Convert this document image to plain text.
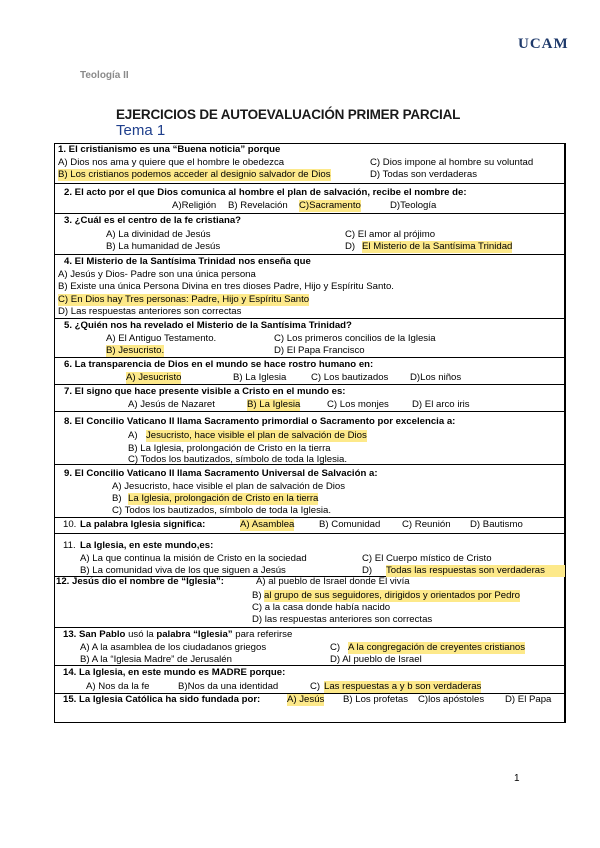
UCAM
Teología II
EJERCICIOS DE AUTOEVALUACIÓN PRIMER PARCIAL
Tema 1
1. El cristianismo es una “Buena noticia” porque
A) Dios nos ama y quiere que el hombre le obedezca	C) Dios impone al hombre su voluntad
B) Los cristianos podemos acceder al designio salvador de Dios	D) Todas son verdaderas
2. El acto por el que Dios comunica al hombre el plan de salvación, recibe el nombre de:
A)Religión B) Revelación C)Sacramento	D)Teología
3. ¿Cuál es el centro de la fe cristiana?
A) La divinidad de Jesús	C) El amor al prójimo
B) La humanidad de Jesús	D) El Misterio de la Santísima Trinidad
4. El Misterio de la Santísima Trinidad nos enseña que
A) Jesús y Dios- Padre son una única persona
B) Existe una única Persona Divina en tres dioses Padre, Hijo y Espíritu Santo.
C) En Dios hay Tres personas: Padre, Hijo y Espíritu Santo
D) Las respuestas anteriores son correctas
5. ¿Quién nos ha revelado el Misterio de la Santísima Trinidad?
A) El Antiguo Testamento.	C) Los primeros concilios de la Iglesia
B) Jesucristo.	D) El Papa Francisco
6. La transparencia de Dios en el mundo se hace rostro humano en:
A) Jesucristo	B) La Iglesia	C) Los bautizados D)Los niños
7. El signo que hace presente visible a Cristo en el mundo es:
A) Jesús de Nazaret	B) La Iglesia	C) Los monjes D) El arco iris
8. El Concilio Vaticano II llama Sacramento primordial o Sacramento por excelencia a:
A) Jesucristo, hace visible el plan de salvación de Dios
B) La Iglesia, prolongación de Cristo en la tierra
C) Todos los bautizados, símbolo de toda la Iglesia.
9. El Concilio Vaticano II llama Sacramento Universal de Salvación a:
A) Jesucristo, hace visible el plan de salvación de Dios
B) La Iglesia, prolongación de Cristo en la tierra
C) Todos los bautizados, símbolo de toda la Iglesia.
10. La palabra Iglesia significa:	A) Asamblea	B) Comunidad C) Reunión D) Bautismo
11. La Iglesia, en este mundo,es:
A) La que continua la misión de Cristo en la sociedad	C) El Cuerpo místico de Cristo
B) La comunidad viva de los que siguen a Jesús	D) Todas las respuestas son verdaderas
12. Jesús dio el nombre de “Iglesia”:	A) al pueblo de Israel donde El vivía
B) al grupo de sus seguidores, dirigidos y orientados por Pedro
C) a la casa donde había nacido
D) las respuestas anteriores son correctas
13. San Pablo usó la palabra “Iglesia” para referirse
A) A la asamblea de los ciudadanos griegos	C) A la congregación de creyentes cristianos
B) A la “Iglesia Madre” de Jerusalén	D) Al pueblo de Israel
14. La Iglesia, en este mundo es MADRE porque:
A) Nos da la fe	B)Nos da una identidad	C) Las respuestas a y b son verdaderas
15. La Iglesia Católica ha sido fundada por:	A) Jesús B) Los profetas C)los apóstoles D) El Papa
1
